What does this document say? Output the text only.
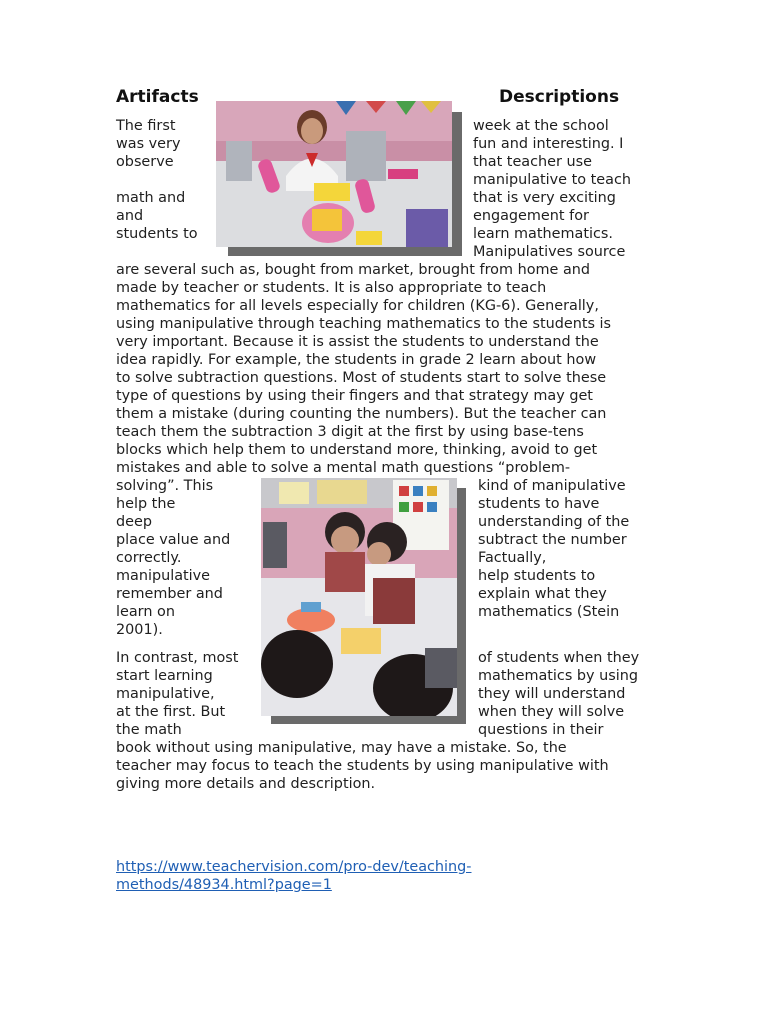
Artifacts	Descriptions
The first
was very
observe
math and
and
students to
week at the school
fun and interesting. I
that teacher use
manipulative to teach
that is very exciting
engagement for
learn mathematics.
Manipulatives source
are several such as, bought from market, brought from home and
made by teacher or students. It is also appropriate to teach
mathematics for all levels especially for children (KG-6). Generally,
using manipulative through teaching mathematics to the students is
very important. Because it is assist the students to understand the
idea rapidly. For example, the students in grade 2 learn about how
to solve subtraction questions. Most of students start to solve these
type of questions by using their fingers and that strategy may get
them a mistake (during counting the numbers). But the teacher can
teach them the subtraction 3 digit at the first by using base-tens
blocks which help them to understand more, thinking, avoid to get
mistakes and able to solve a mental math questions “problem-
solving”. This
help the
deep
place value and
correctly.
manipulative
remember and
learn on
2001).
kind of manipulative
students to have
understanding of the
subtract the number
Factually,
help students to
explain what they
mathematics (Stein
In contrast, most
start learning
manipulative,
at the first. But
the math
of students when they
mathematics by using
they will understand
when they will solve
questions in their
book without using manipulative, may have a mistake. So, the
teacher may focus to teach the students by using manipulative with
giving more details and description.
https://www.teachervision.com/pro-dev/teaching-
methods/48934.html?page=1
